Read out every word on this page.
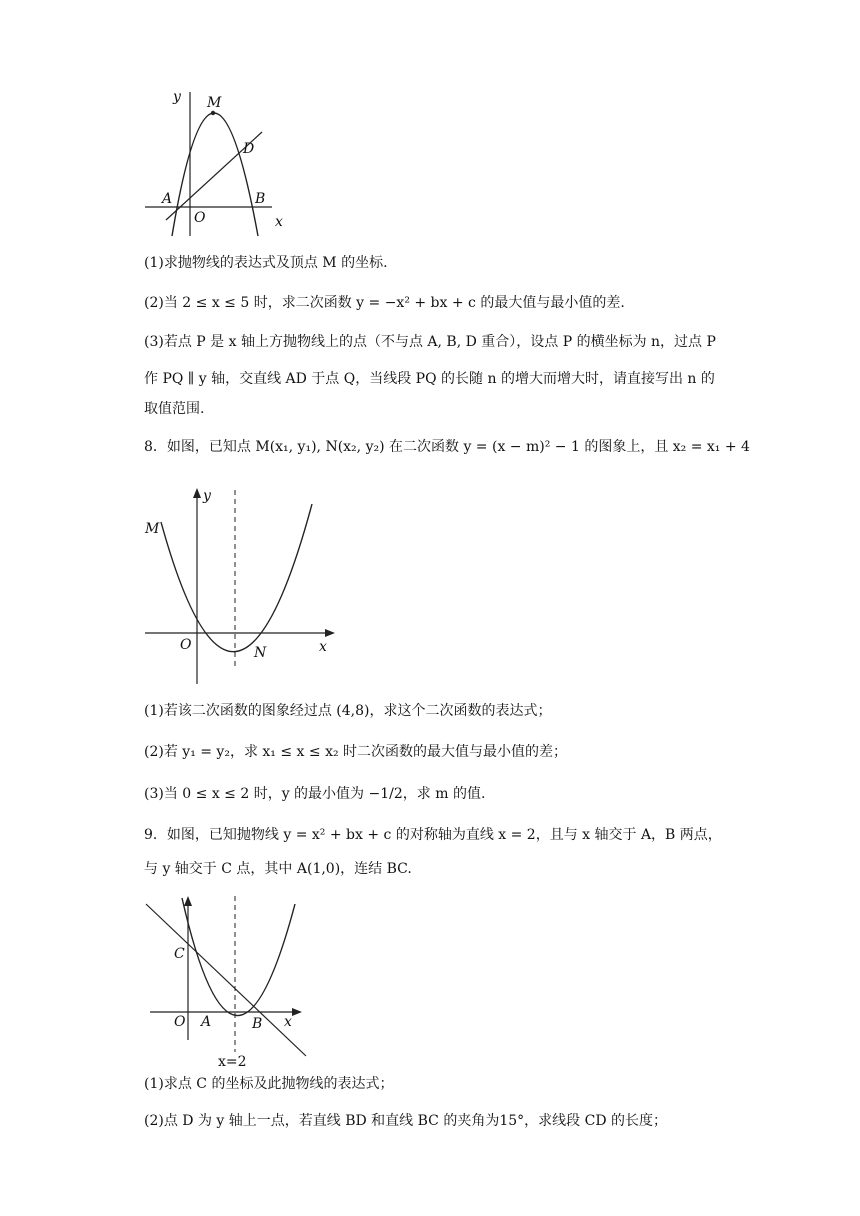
y M
D
A
O
B
x
(1)求抛物线的表达式及顶点 M 的坐标.
(2)当 2 ≤ x ≤ 5 时，求二次函数 y = −x² + bx + c 的最大值与最小值的差.
(3)若点 P 是 x 轴上方抛物线上的点（不与点 A, B, D 重合），设点 P 的横坐标为 n，过点 P
作 PQ ∥ y 轴，交直线 AD 于点 Q，当线段 PQ 的长随 n 的增大而增大时，请直接写出 n 的
取值范围.
8．如图，已知点 M(x₁, y₁), N(x₂, y₂) 在二次函数 y = (x − m)² − 1 的图象上，且 x₂ = x₁ + 4
y
M
O	N	x
(1)若该二次函数的图象经过点 (4,8)，求这个二次函数的表达式；
(2)若 y₁ = y₂，求 x₁ ≤ x ≤ x₂ 时二次函数的最大值与最小值的差；
(3)当 0 ≤ x ≤ 2 时，y 的最小值为 −1/2，求 m 的值.
9．如图，已知抛物线 y = x² + bx + c 的对称轴为直线 x = 2，且与 x 轴交于 A，B 两点，
与 y 轴交于 C 点，其中 A(1,0)，连结 BC.
C
O A	B x
x=2
(1)求点 C 的坐标及此抛物线的表达式；
(2)点 D 为 y 轴上一点，若直线 BD 和直线 BC 的夹角为15°，求线段 CD 的长度；
